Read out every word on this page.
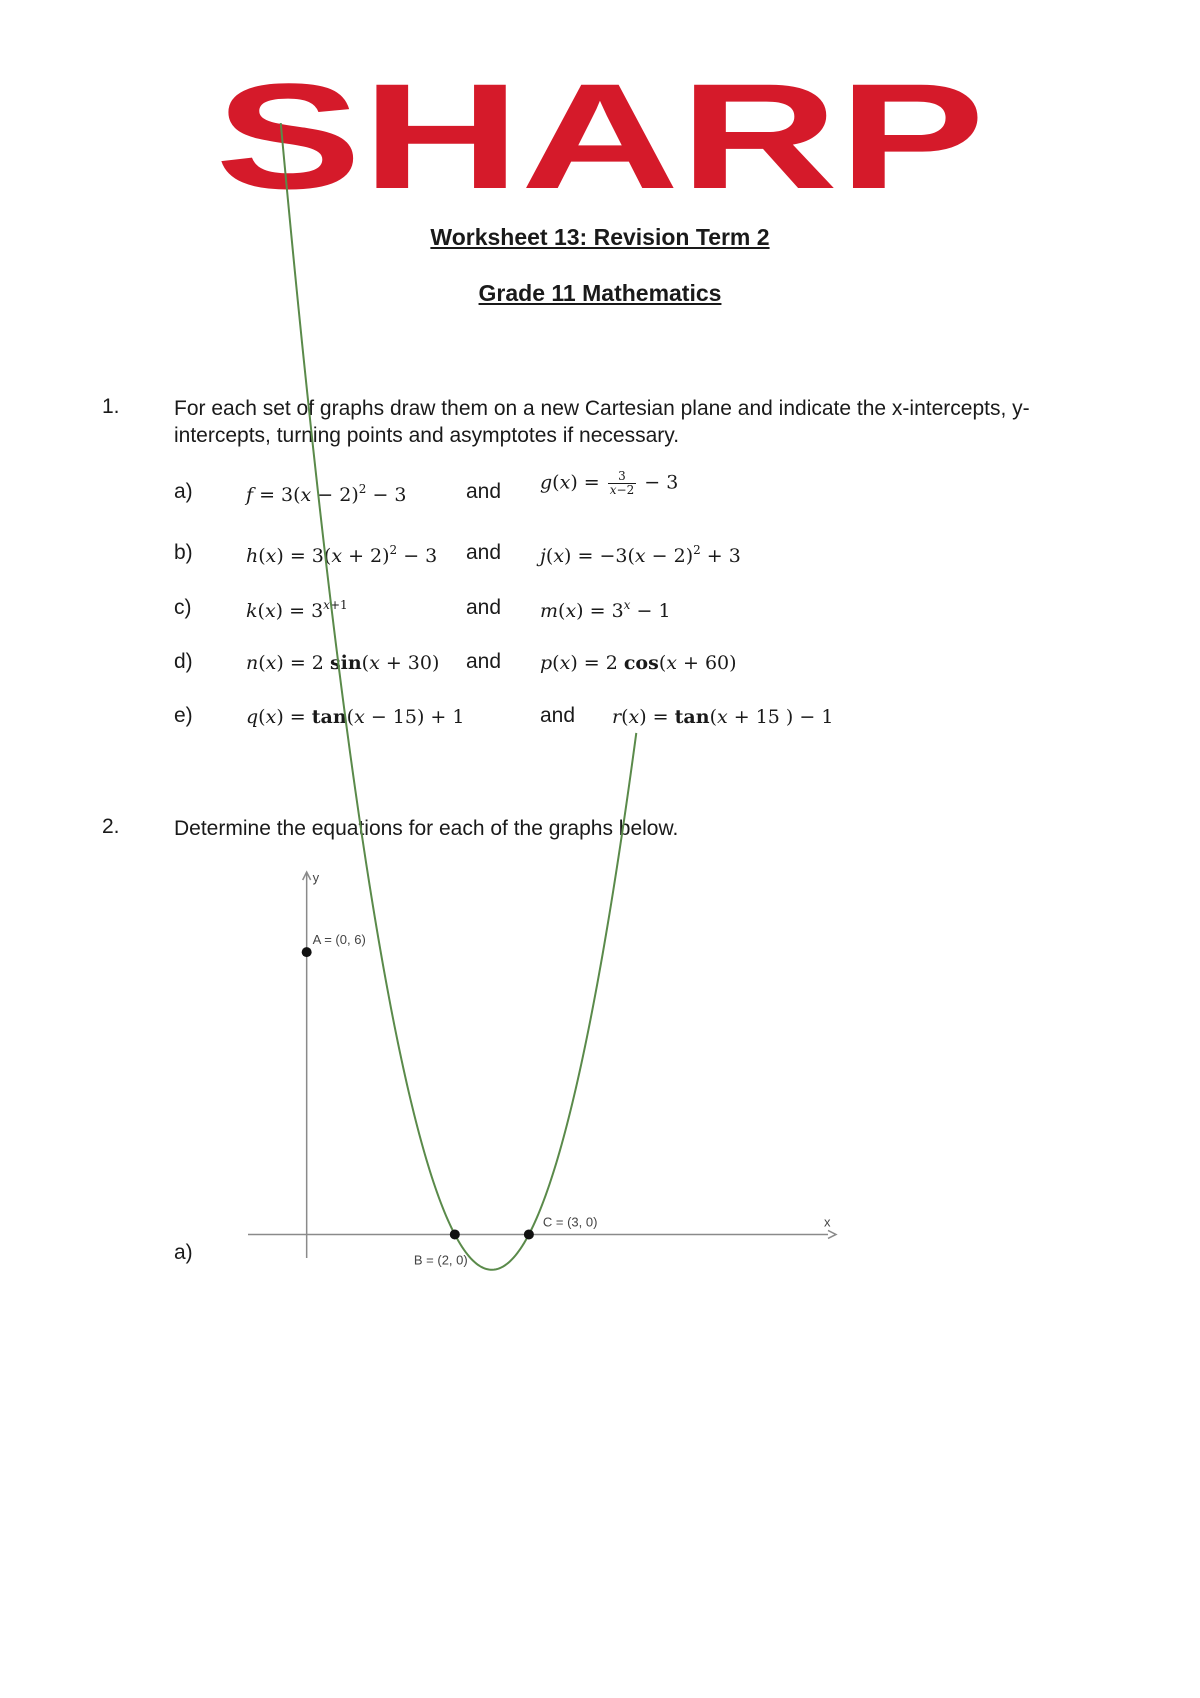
SHARP
Worksheet 13: Revision Term 2
Grade 11 Mathematics
1.	For each set of graphs draw them on a new Cartesian plane and indicate the x-intercepts, y-intercepts, turning points and asymptotes if necessary.
a)	$f = 3(x - 2)^2 - 3$	and $g(x) = \frac{3}{x-2} - 3$
b)	$h(x) = 3(x + 2)^2 - 3$ and $j(x) = -3(x - 2)^2 + 3$
c)	$k(x) = 3^{x+1}$	and $m(x) = 3^x - 1$
d)	n(x) = 2 sin(x + 30) and p(x) = 2 cos(x + 60)
e)	q(x) = tan(x − 15) + 1	and r(x) = tan(x + 15 ) − 1
2.	Determine the equations for each of the graphs below.
a)
x
y
A = (0, 6)
B = (2, 0)
C = (3, 0)
